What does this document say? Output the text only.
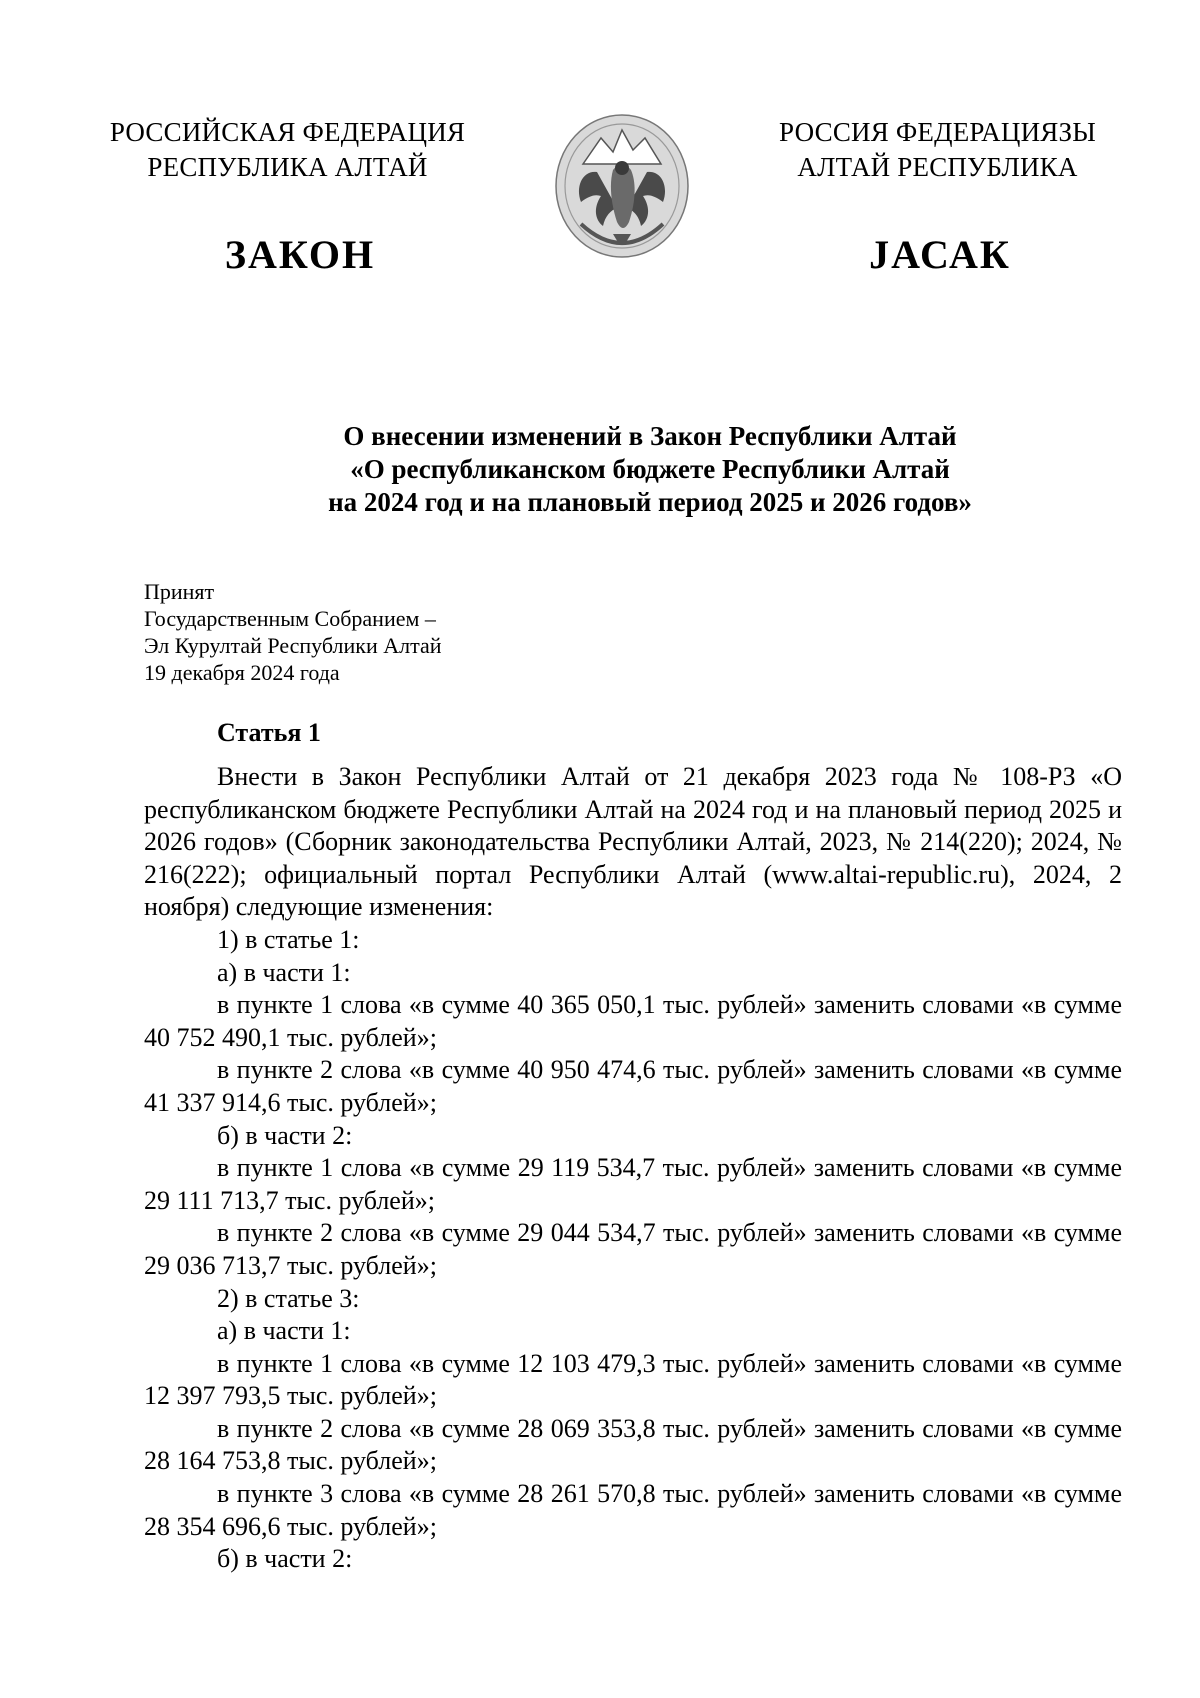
РОССИЙСКАЯ ФЕДЕРАЦИЯ
РЕСПУБЛИКА АЛТАЙ
ЗАКОН
РОССИЯ ФЕДЕРАЦИЯЗЫ
АЛТАЙ РЕСПУБЛИКА
JАСАК
О внесении изменений в Закон Республики Алтай
«О республиканском бюджете Республики Алтай
на 2024 год и на плановый период 2025 и 2026 годов»
Принят
Государственным Собранием –
Эл Курултай Республики Алтай
19 декабря 2024 года
Статья 1

Внести в Закон Республики Алтай от 21 декабря 2023 года № 108-РЗ «О республиканском бюджете Республики Алтай на 2024 год и на плановый период 2025 и 2026 годов» (Сборник законодательства Республики Алтай, 2023, № 214(220); 2024, № 216(222); официальный портал Республики Алтай (www.altai-republic.ru), 2024, 2 ноября) следующие изменения:

1) в статье 1:

а) в части 1:

в пункте 1 слова «в сумме 40 365 050,1 тыс. рублей» заменить словами «в сумме 40 752 490,1 тыс. рублей»;

в пункте 2 слова «в сумме 40 950 474,6 тыс. рублей» заменить словами «в сумме 41 337 914,6 тыс. рублей»;

б) в части 2:

в пункте 1 слова «в сумме 29 119 534,7 тыс. рублей» заменить словами «в сумме 29 111 713,7 тыс. рублей»;

в пункте 2 слова «в сумме 29 044 534,7 тыс. рублей» заменить словами «в сумме 29 036 713,7 тыс. рублей»;

2) в статье 3:

а) в части 1:

в пункте 1 слова «в сумме 12 103 479,3 тыс. рублей» заменить словами «в сумме 12 397 793,5 тыс. рублей»;

в пункте 2 слова «в сумме 28 069 353,8 тыс. рублей» заменить словами «в сумме 28 164 753,8 тыс. рублей»;

в пункте 3 слова «в сумме 28 261 570,8 тыс. рублей» заменить словами «в сумме 28 354 696,6 тыс. рублей»;

б) в части 2:
